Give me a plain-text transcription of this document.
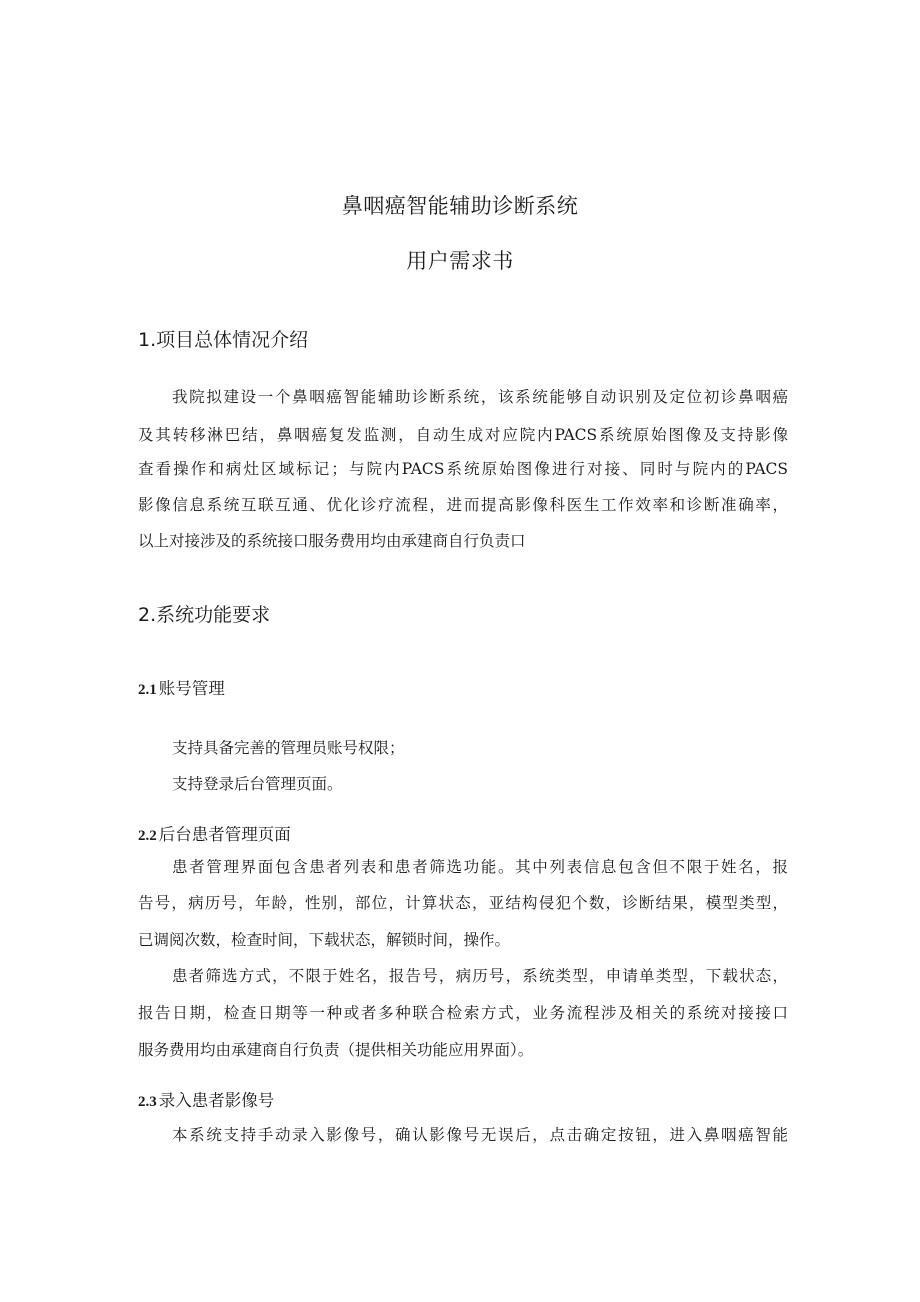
鼻咽癌智能辅助诊断系统
用户需求书
1.项目总体情况介绍

我院拟建设一个鼻咽癌智能辅助诊断系统，该系统能够自动识别及定位初诊鼻咽癌

及其转移淋巴结，鼻咽癌复发监测，自动生成对应院内PACS系统原始图像及支持影像

查看操作和病灶区域标记；与院内PACS系统原始图像进行对接、同时与院内的PACS

影像信息系统互联互通、优化诊疗流程，进而提高影像科医生工作效率和诊断准确率，

以上对接涉及的系统接口服务费用均由承建商自行负责口

2.系统功能要求
2.1 账号管理

支持具备完善的管理员账号权限；

支持登录后台管理页面。

2.2 后台患者管理页面

患者管理界面包含患者列表和患者筛选功能。其中列表信息包含但不限于姓名，报

告号，病历号，年龄，性别，部位，计算状态，亚结构侵犯个数，诊断结果，模型类型，

已调阅次数，检查时间，下载状态，解锁时间，操作。

患者筛选方式，不限于姓名，报告号，病历号，系统类型，申请单类型，下载状态，

报告日期，检查日期等一种或者多种联合检索方式，业务流程涉及相关的系统对接接口

服务费用均由承建商自行负责（提供相关功能应用界面）。

2.3 录入患者影像号

本系统支持手动录入影像号，确认影像号无误后，点击确定按钮，进入鼻咽癌智能
